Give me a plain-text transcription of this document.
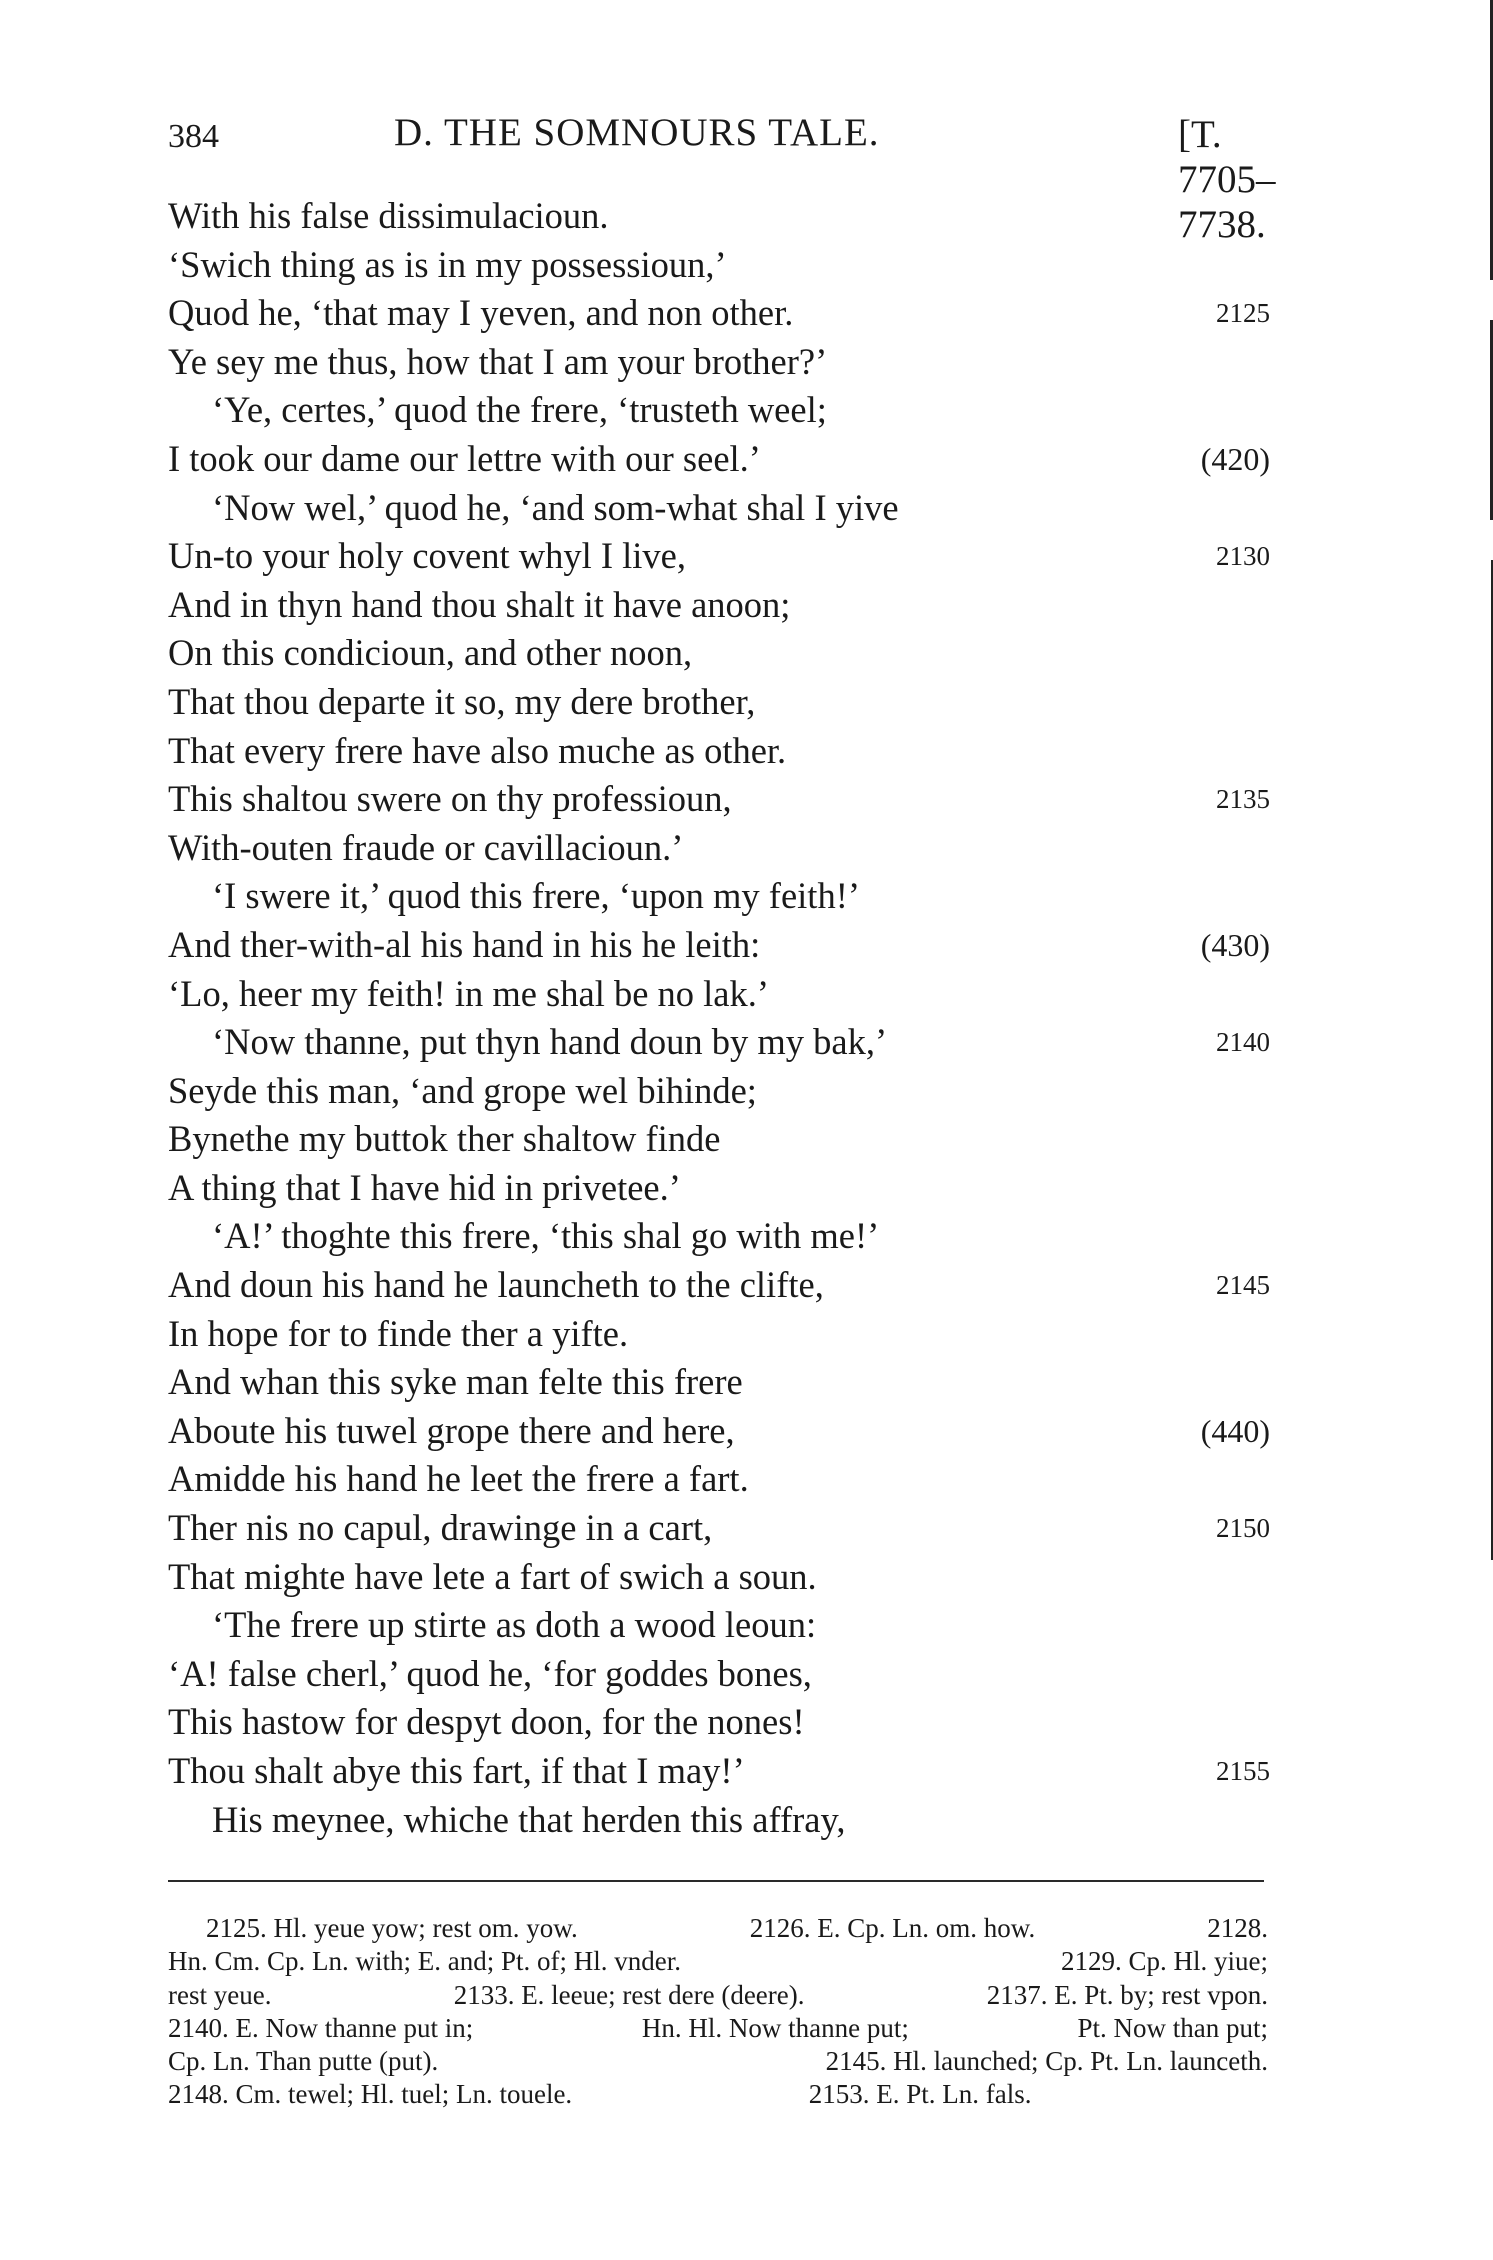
384	D. THE SOMNOURS TALE.	[T. 7705–7738.
With his false dissimulacioun.
‘Swich thing as is in my possessioun,’
Quod he, ‘that may I yeven, and non other.	2125
Ye sey me thus, how that I am your brother?’
‘Ye, certes,’ quod the frere, ‘trusteth weel;
I took our dame our lettre with our seel.’	(420)
‘Now wel,’ quod he, ‘and som-what shal I yive
Un-to your holy covent whyl I live,	2130
And in thyn hand thou shalt it have anoon;
On this condicioun, and other noon,
That thou departe it so, my dere brother,
That every frere have also muche as other.
This shaltou swere on thy professioun,	2135
With-outen fraude or cavillacioun.’
‘I swere it,’ quod this frere, ‘upon my feith!’
And ther-with-al his hand in his he leith:	(430)
‘Lo, heer my feith! in me shal be no lak.’
‘Now thanne, put thyn hand doun by my bak,’	2140
Seyde this man, ‘and grope wel bihinde;
Bynethe my buttok ther shaltow finde
A thing that I have hid in privetee.’
‘A!’ thoghte this frere, ‘this shal go with me!’
And doun his hand he launcheth to the clifte,	2145
In hope for to finde ther a yifte.
And whan this syke man felte this frere
Aboute his tuwel grope there and here,	(440)
Amidde his hand he leet the frere a fart.
Ther nis no capul, drawinge in a cart,	2150
That mighte have lete a fart of swich a soun.
‘The frere up stirte as doth a wood leoun:
‘A! false cherl,’ quod he, ‘for goddes bones,
This hastow for despyt doon, for the nones!
Thou shalt abye this fart, if that I may!’	2155
His meynee, whiche that herden this affray,
2125. Hl. yeue yow; rest om. yow.	2126. E. Cp. Ln. om. how.	2128.
Hn. Cm. Cp. Ln. with; E. and; Pt. of; Hl. vnder.	2129. Cp. Hl. yiue;
rest yeue.	2133. E. leeue; rest dere (deere).	2137. E. Pt. by; rest vpon.
2140. E. Now thanne put in;	Hn. Hl. Now thanne put;	Pt. Now than put;
Cp. Ln. Than putte (put).	2145. Hl. launched; Cp. Pt. Ln. launceth.
2148. Cm. tewel; Hl. tuel; Ln. touele.	2153. E. Pt. Ln. fals.
